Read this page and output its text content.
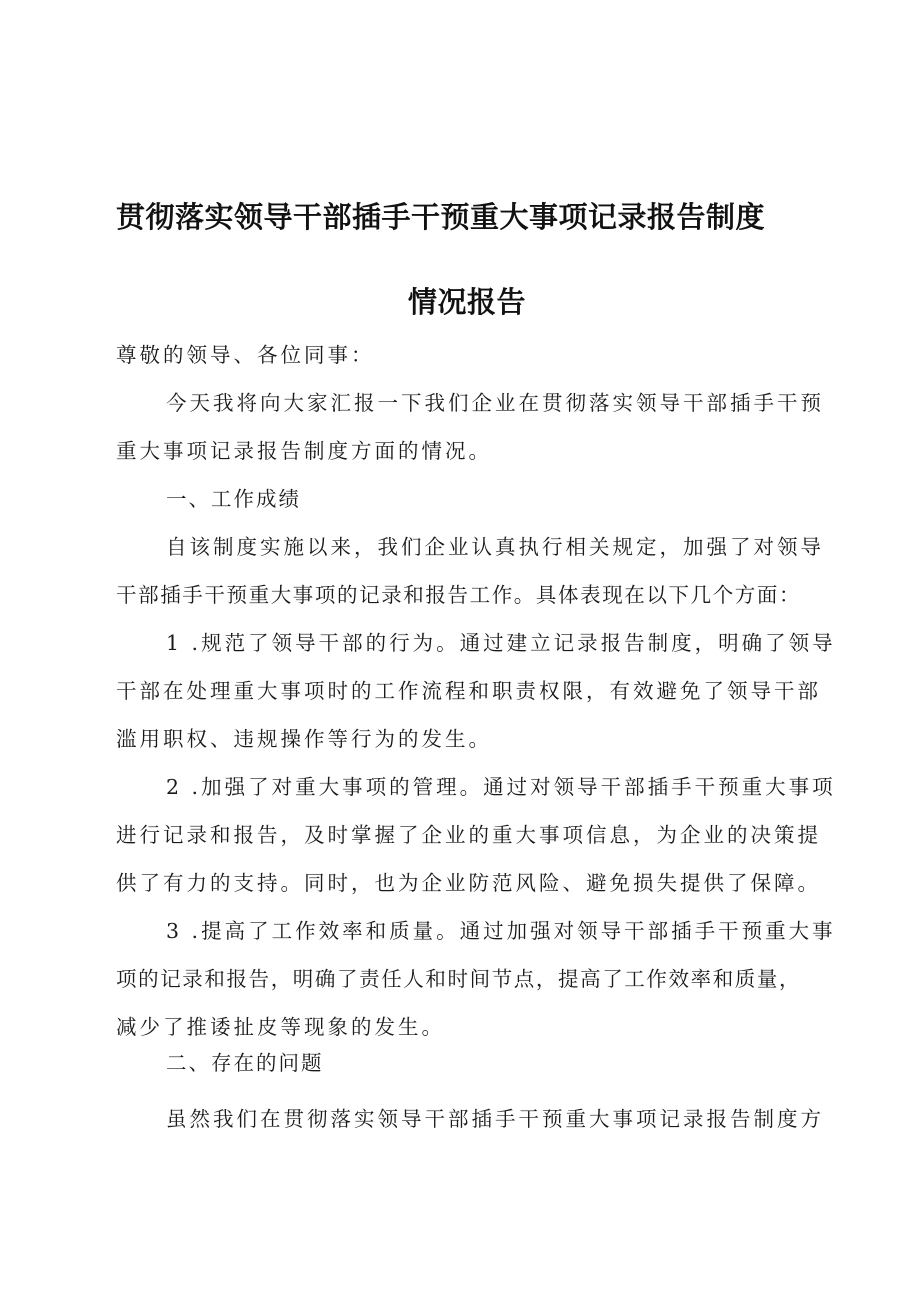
贯彻落实领导干部插手干预重大事项记录报告制度
情况报告
尊敬的领导、各位同事：
今天我将向大家汇报一下我们企业在贯彻落实领导干部插手干预
重大事项记录报告制度方面的情况。
一、工作成绩
自该制度实施以来，我们企业认真执行相关规定，加强了对领导
干部插手干预重大事项的记录和报告工作。具体表现在以下几个方面：
1 .规范了领导干部的行为。通过建立记录报告制度，明确了领导
干部在处理重大事项时的工作流程和职责权限，有效避免了领导干部
滥用职权、违规操作等行为的发生。
2 .加强了对重大事项的管理。通过对领导干部插手干预重大事项
进行记录和报告，及时掌握了企业的重大事项信息，为企业的决策提
供了有力的支持。同时，也为企业防范风险、避免损失提供了保障。
3 .提高了工作效率和质量。通过加强对领导干部插手干预重大事
项的记录和报告，明确了责任人和时间节点，提高了工作效率和质量，
减少了推诿扯皮等现象的发生。
二、存在的问题
虽然我们在贯彻落实领导干部插手干预重大事项记录报告制度方
